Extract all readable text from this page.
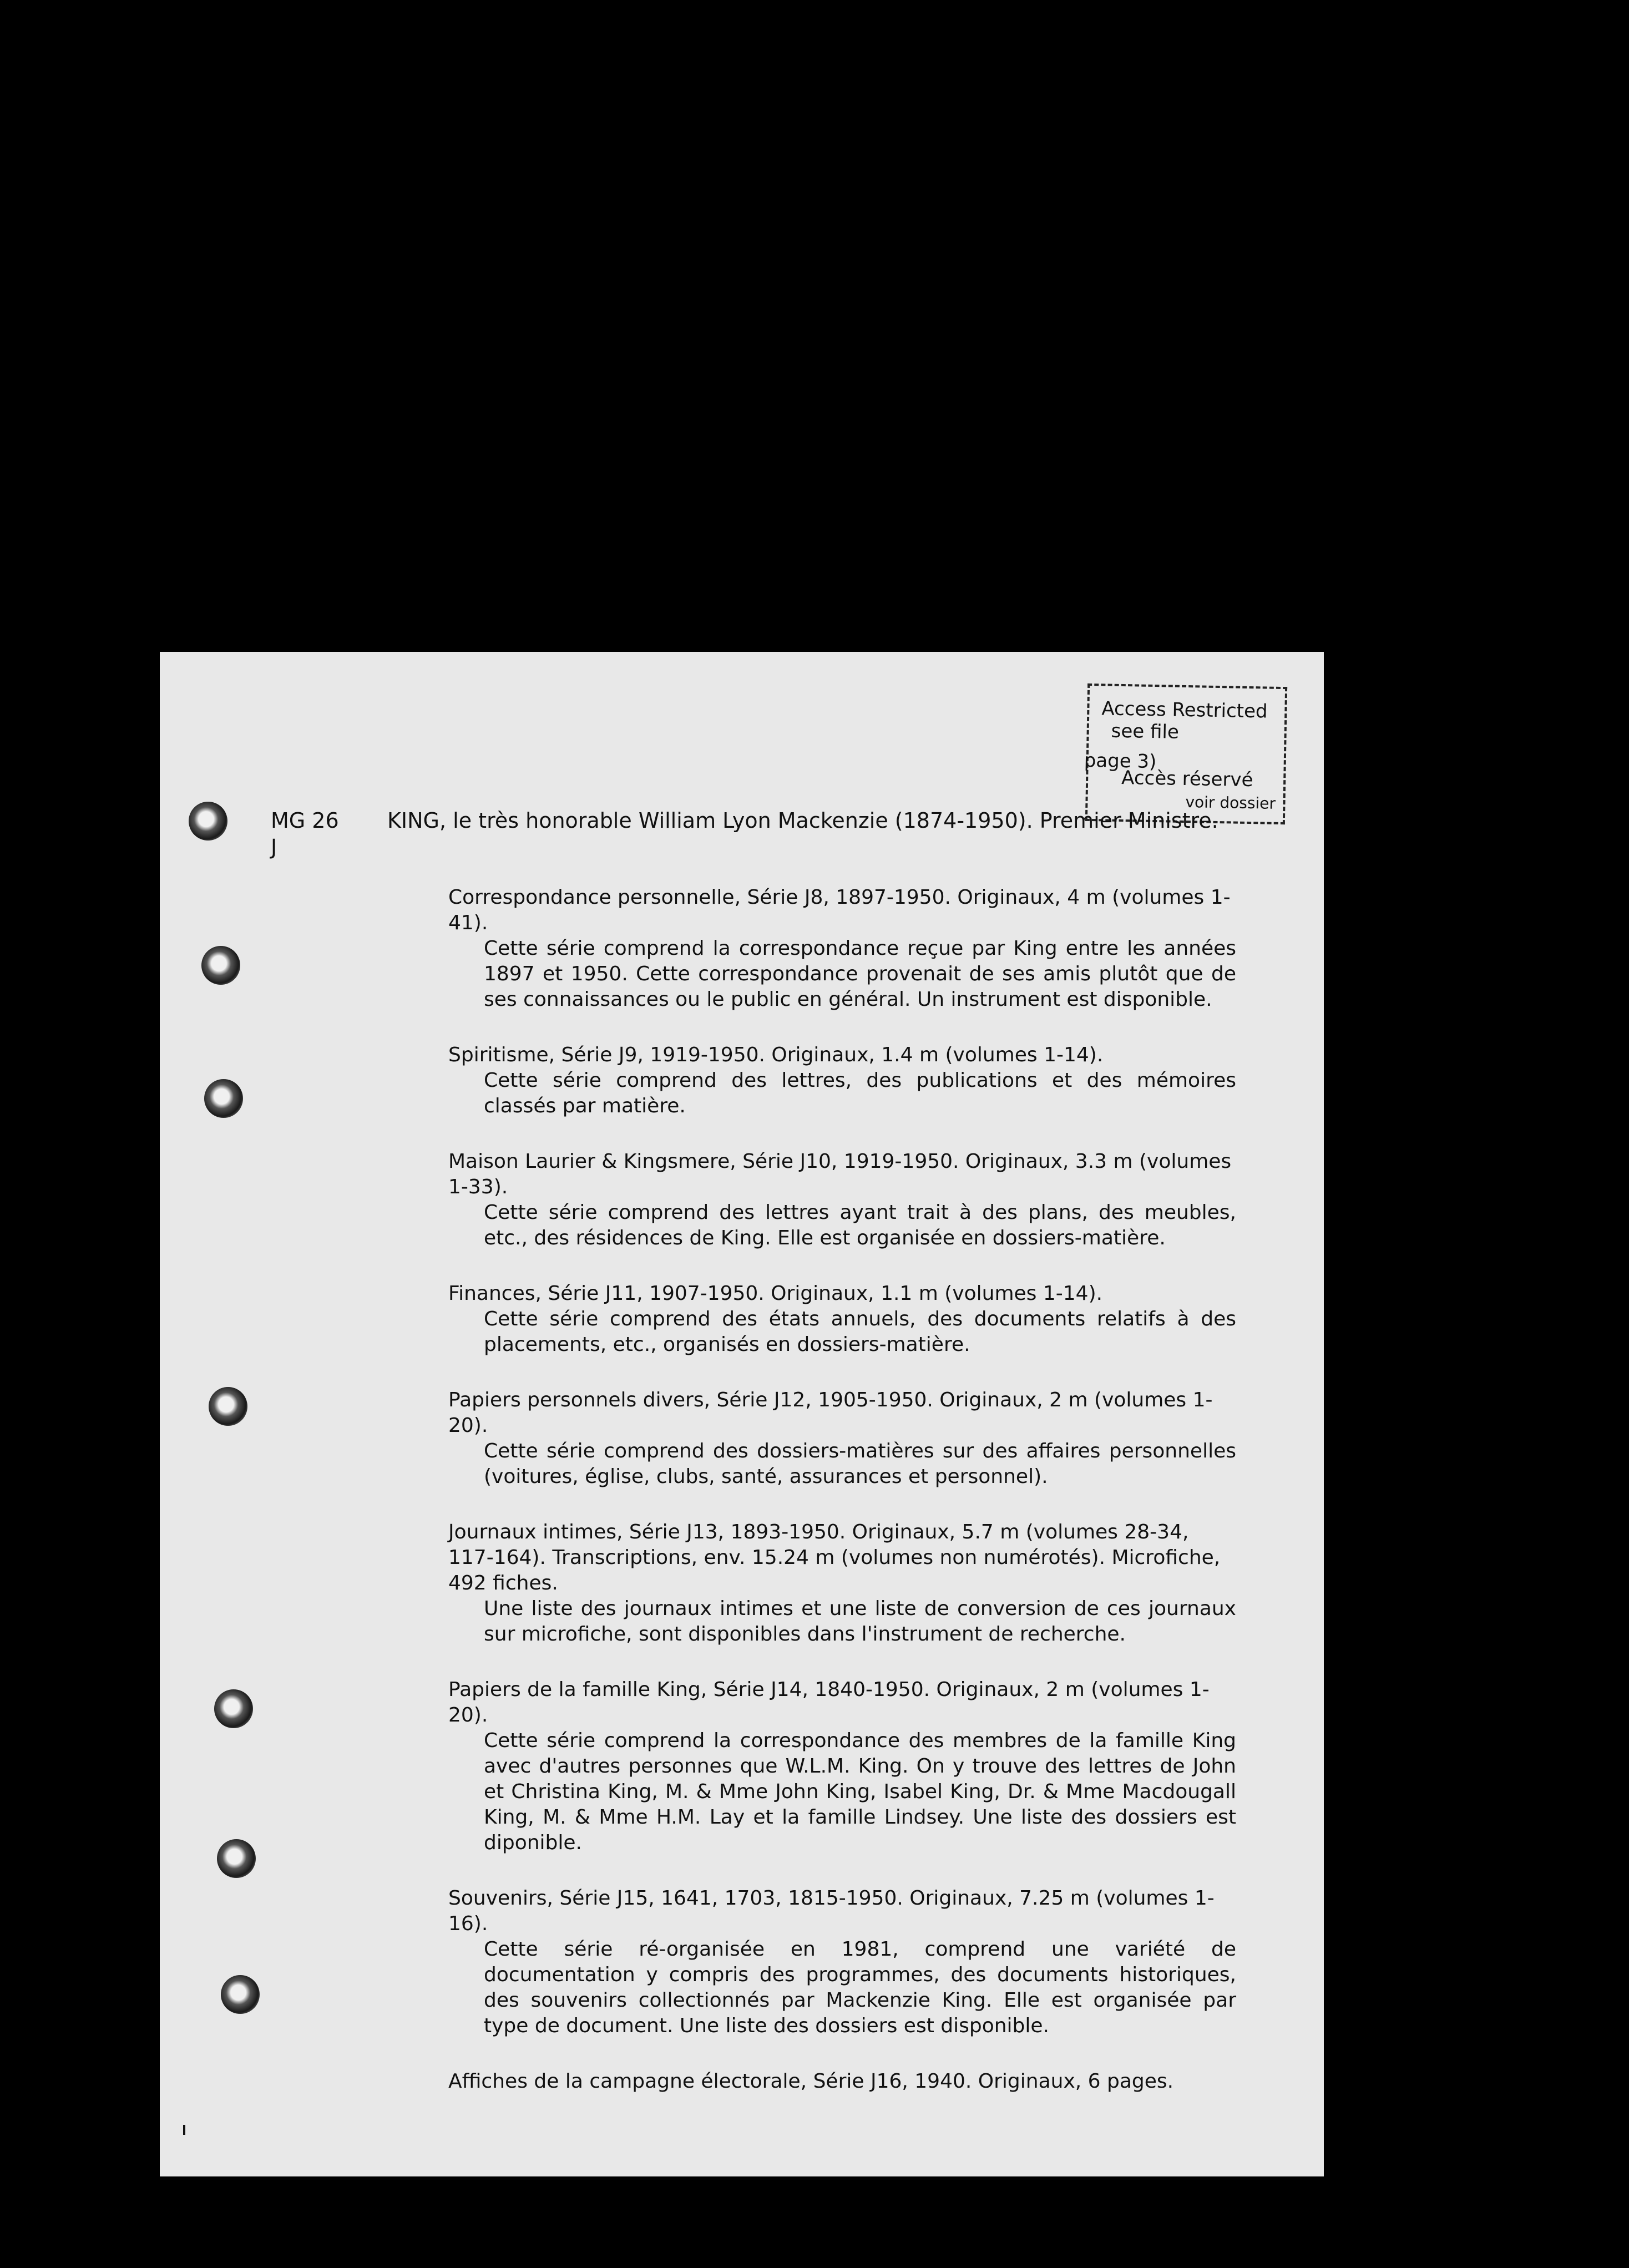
Access Restricted
see file
page 3)
Accès réservé
voir dossier
MG 26
J
KING, le très honorable William Lyon Mackenzie (1874-1950). Premier Ministre.
Correspondance personnelle, Série J8, 1897-1950. Originaux, 4 m (volumes 1-41).
Cette série comprend la correspondance reçue par King entre les années 1897 et 1950. Cette correspondance provenait de ses amis plutôt que de ses connaissances ou le public en général. Un instrument est disponible.
Spiritisme, Série J9, 1919-1950. Originaux, 1.4 m (volumes 1-14).
Cette série comprend des lettres, des publications et des mémoires classés par matière.
Maison Laurier & Kingsmere, Série J10, 1919-1950. Originaux, 3.3 m (volumes 1-33).
Cette série comprend des lettres ayant trait à des plans, des meubles, etc., des résidences de King. Elle est organisée en dossiers-matière.
Finances, Série J11, 1907-1950. Originaux, 1.1 m (volumes 1-14).
Cette série comprend des états annuels, des documents relatifs à des placements, etc., organisés en dossiers-matière.
Papiers personnels divers, Série J12, 1905-1950. Originaux, 2 m (volumes 1-20).
Cette série comprend des dossiers-matières sur des affaires personnelles (voitures, église, clubs, santé, assurances et personnel).
Journaux intimes, Série J13, 1893-1950. Originaux, 5.7 m (volumes 28-34, 117-164). Transcriptions, env. 15.24 m (volumes non numérotés). Microfiche, 492 fiches.
Une liste des journaux intimes et une liste de conversion de ces journaux sur microfiche, sont disponibles dans l'instrument de recherche.
Papiers de la famille King, Série J14, 1840-1950. Originaux, 2 m (volumes 1-20).
Cette série comprend la correspondance des membres de la famille King avec d'autres personnes que W.L.M. King. On y trouve des lettres de John et Christina King, M. & Mme John King, Isabel King, Dr. & Mme Macdougall King, M. & Mme H.M. Lay et la famille Lindsey. Une liste des dossiers est diponible.
Souvenirs, Série J15, 1641, 1703, 1815-1950. Originaux, 7.25 m (volumes 1-16).
Cette série ré-organisée en 1981, comprend une variété de documentation y compris des programmes, des documents historiques, des souvenirs collectionnés par Mackenzie King. Elle est organisée par type de document. Une liste des dossiers est disponible.
Affiches de la campagne électorale, Série J16, 1940. Originaux, 6 pages.
